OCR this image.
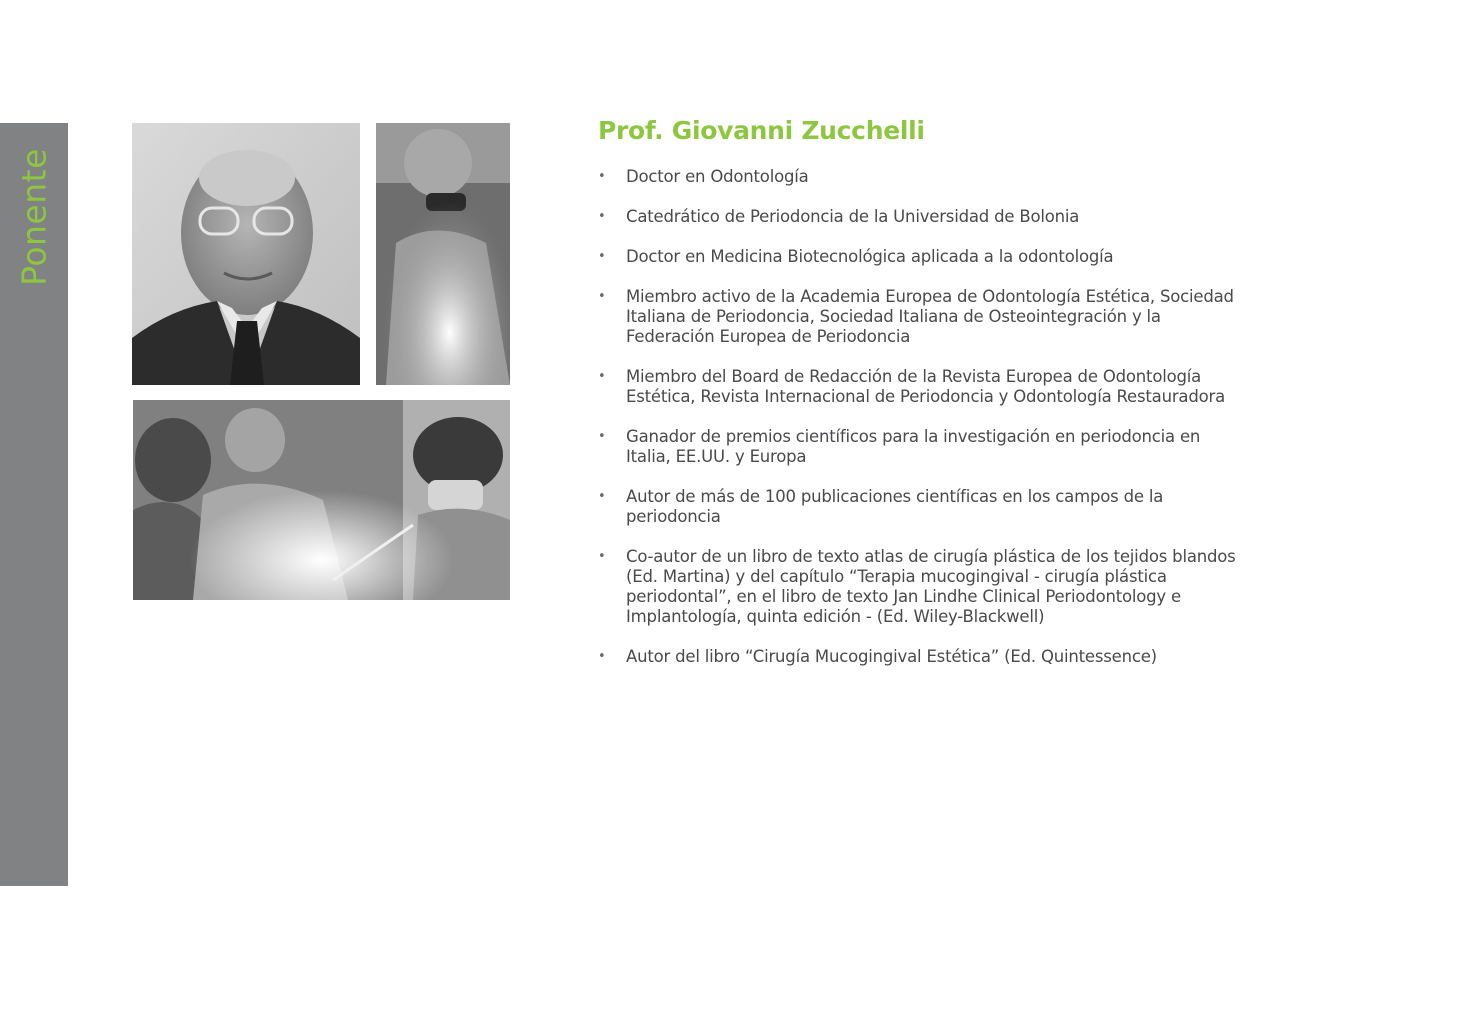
Ponente
Prof. Giovanni Zucchelli
• Doctor en Odontología
• Catedrático de Periodoncia de la Universidad de Bolonia
• Doctor en Medicina Biotecnológica aplicada a la odontología
• Miembro activo de la Academia Europea de Odontología Estética, Sociedad Italiana de Periodoncia, Sociedad Italiana de Osteointegración y la Federación Europea de Periodoncia
• Miembro del Board de Redacción de la Revista Europea de Odontología Estética, Revista Internacional de Periodoncia y Odontología Restauradora
• Ganador de premios científicos para la investigación en periodoncia en Italia, EE.UU. y Europa
• Autor de más de 100 publicaciones científicas en los campos de la periodoncia
• Co-autor de un libro de texto atlas de cirugía plástica de los tejidos blandos (Ed. Martina) y del capítulo “Terapia mucogingival - cirugía plástica periodontal”, en el libro de texto Jan Lindhe Clinical Periodontology e Implantología, quinta edición - (Ed. Wiley-Blackwell)
• Autor del libro “Cirugía Mucogingival Estética” (Ed. Quintessence)
